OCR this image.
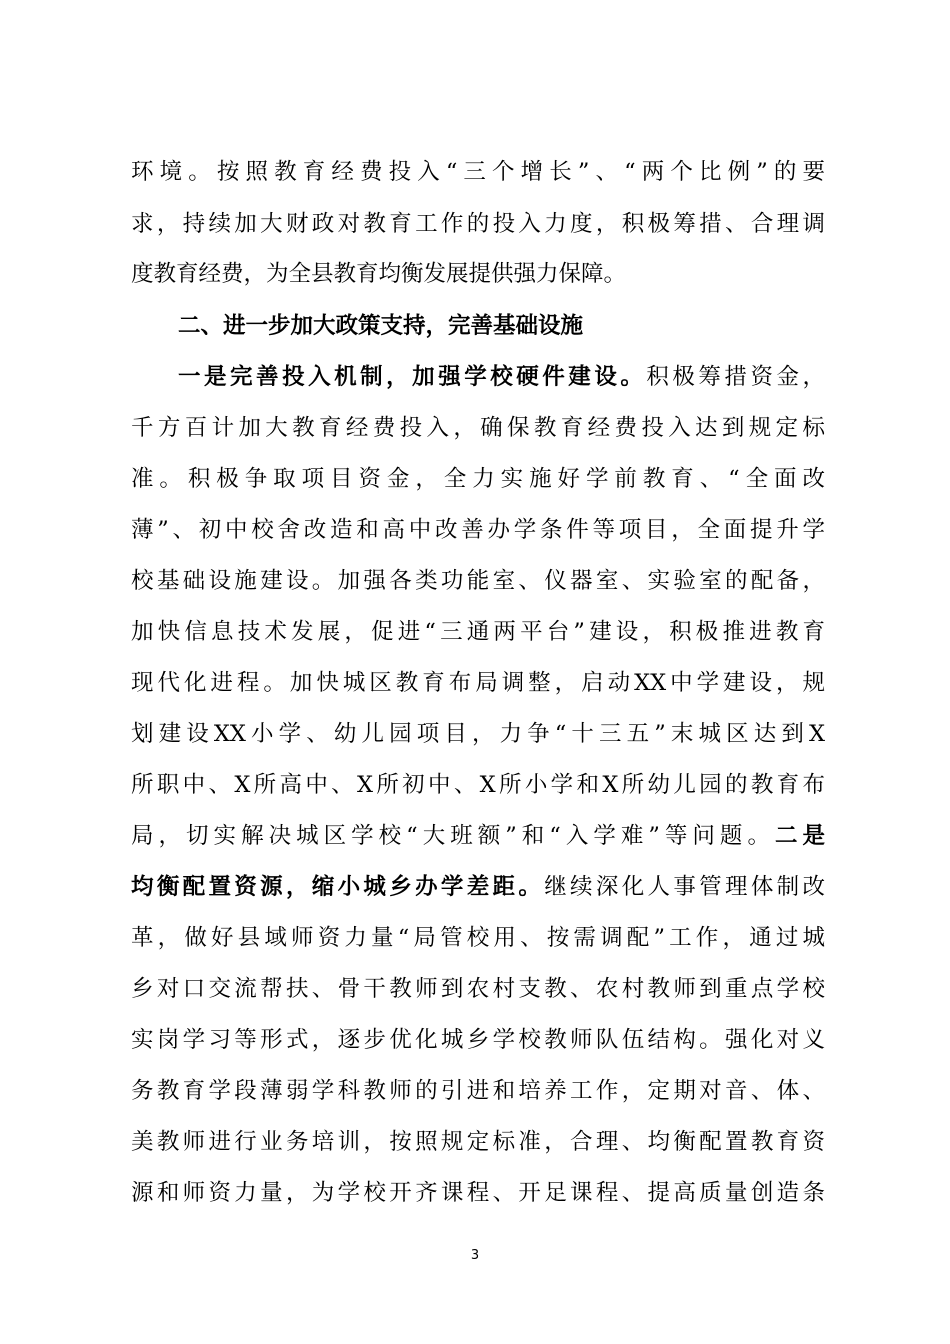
环境。按照教育经费投入“三个增长”、“两个比例”的要
求，持续加大财政对教育工作的投入力度，积极筹措、合理调
度教育经费，为全县教育均衡发展提供强力保障。
二、进一步加大政策支持，完善基础设施
一是完善投入机制，加强学校硬件建设。积极筹措资金，
千方百计加大教育经费投入，确保教育经费投入达到规定标
准。积极争取项目资金，全力实施好学前教育、“全面改
薄”、初中校舍改造和高中改善办学条件等项目，全面提升学
校基础设施建设。加强各类功能室、仪器室、实验室的配备，
加快信息技术发展，促进“三通两平台”建设，积极推进教育
现代化进程。加快城区教育布局调整，启动XX中学建设，规
划建设XX小学、幼儿园项目，力争“十三五”末城区达到X
所职中、X所高中、X所初中、X所小学和X所幼儿园的教育布
局，切实解决城区学校“大班额”和“入学难”等问题。二是
均衡配置资源，缩小城乡办学差距。继续深化人事管理体制改
革，做好县域师资力量“局管校用、按需调配”工作，通过城
乡对口交流帮扶、骨干教师到农村支教、农村教师到重点学校
实岗学习等形式，逐步优化城乡学校教师队伍结构。强化对义
务教育学段薄弱学科教师的引进和培养工作，定期对音、体、
美教师进行业务培训，按照规定标准，合理、均衡配置教育资
源和师资力量，为学校开齐课程、开足课程、提高质量创造条
3
